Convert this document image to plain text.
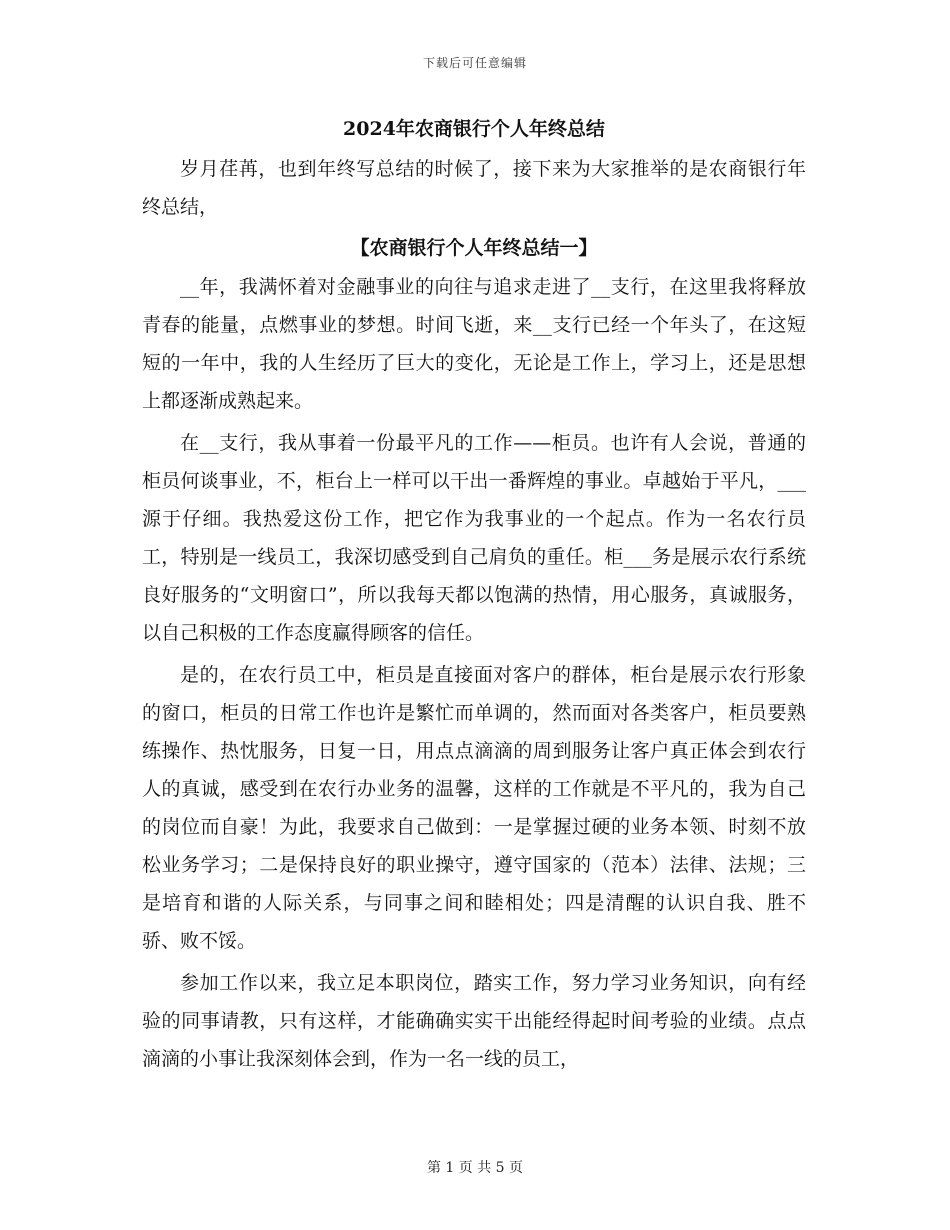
下载后可任意编辑
2024年农商银行个人年终总结

岁月荏苒，也到年终写总结的时候了，接下来为大家推举的是农商银行年终总结，

【农商银行个人年终总结一】

__年，我满怀着对金融事业的向往与追求走进了__支行，在这里我将释放青春的能量，点燃事业的梦想。时间飞逝，来__支行已经一个年头了，在这短短的一年中，我的人生经历了巨大的变化，无论是工作上，学习上，还是思想上都逐渐成熟起来。

在__支行，我从事着一份最平凡的工作——柜员。也许有人会说，普通的柜员何谈事业，不，柜台上一样可以干出一番辉煌的事业。卓越始于平凡，___源于仔细。我热爱这份工作，把它作为我事业的一个起点。作为一名农行员工，特别是一线员工，我深切感受到自己肩负的重任。柜___务是展示农行系统良好服务的“文明窗口”，所以我每天都以饱满的热情，用心服务，真诚服务，以自己积极的工作态度赢得顾客的信任。

是的，在农行员工中，柜员是直接面对客户的群体，柜台是展示农行形象的窗口，柜员的日常工作也许是繁忙而单调的，然而面对各类客户，柜员要熟练操作、热忱服务，日复一日，用点点滴滴的周到服务让客户真正体会到农行人的真诚，感受到在农行办业务的温馨，这样的工作就是不平凡的，我为自己的岗位而自豪！为此，我要求自己做到：一是掌握过硬的业务本领、时刻不放松业务学习；二是保持良好的职业操守，遵守国家的（范本）法律、法规；三是培育和谐的人际关系，与同事之间和睦相处；四是清醒的认识自我、胜不骄、败不馁。

参加工作以来，我立足本职岗位，踏实工作，努力学习业务知识，向有经验的同事请教，只有这样，才能确确实实干出能经得起时间考验的业绩。点点滴滴的小事让我深刻体会到，作为一名一线的员工，

第 1 页 共 5 页
